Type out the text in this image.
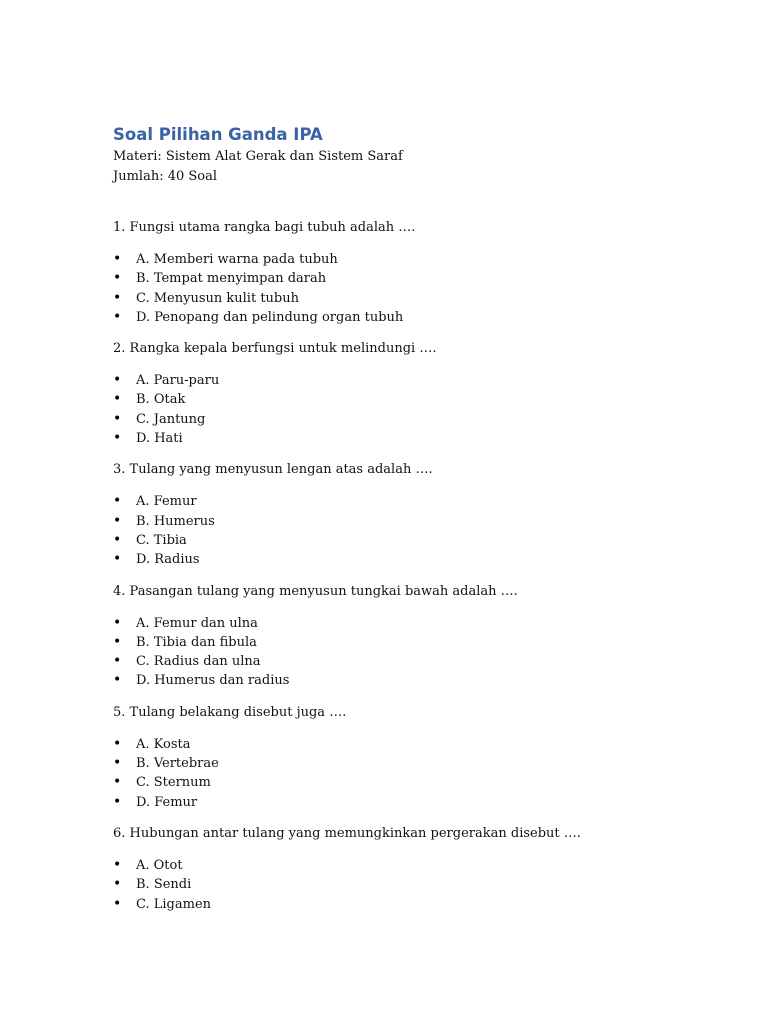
Soal Pilihan Ganda IPA

Materi: Sistem Alat Gerak dan Sistem Saraf

Jumlah: 40 Soal

1. Fungsi utama rangka bagi tubuh adalah ….

• A. Memberi warna pada tubuh
• B. Tempat menyimpan darah
• C. Menyusun kulit tubuh
• D. Penopang dan pelindung organ tubuh

2. Rangka kepala berfungsi untuk melindungi ….

• A. Paru-paru
• B. Otak
• C. Jantung
• D. Hati

3. Tulang yang menyusun lengan atas adalah ….

• A. Femur
• B. Humerus
• C. Tibia
• D. Radius

4. Pasangan tulang yang menyusun tungkai bawah adalah ….

• A. Femur dan ulna
• B. Tibia dan fibula
• C. Radius dan ulna
• D. Humerus dan radius

5. Tulang belakang disebut juga ….

• A. Kosta
• B. Vertebrae
• C. Sternum
• D. Femur

6. Hubungan antar tulang yang memungkinkan pergerakan disebut ….

• A. Otot
• B. Sendi
• C. Ligamen
